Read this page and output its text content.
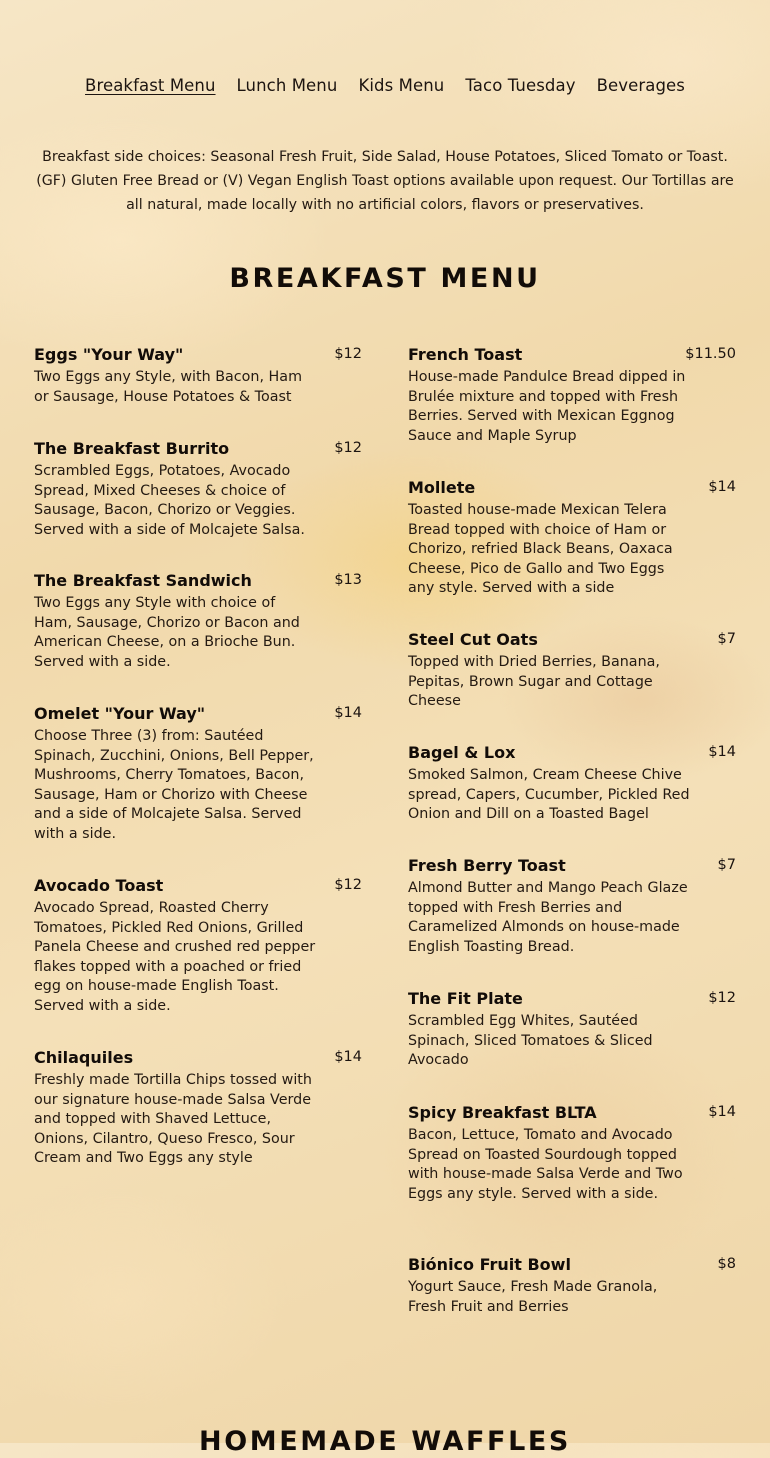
Breakfast Menu Lunch Menu Kids Menu Taco Tuesday Beverages

Breakfast side choices: Seasonal Fresh Fruit, Side Salad, House Potatoes, Sliced Tomato or Toast. (GF) Gluten Free Bread or (V) Vegan English Toast options available upon request. Our Tortillas are all natural, made locally with no artificial colors, flavors or preservatives.

BREAKFAST MENU
Eggs "Your Way"	$12

Two Eggs any Style, with Bacon, Ham or Sausage, House Potatoes & Toast

The Breakfast Burrito	$12

Scrambled Eggs, Potatoes, Avocado Spread, Mixed Cheeses & choice of Sausage, Bacon, Chorizo or Veggies. Served with a side of Molcajete Salsa.

The Breakfast Sandwich	$13

Two Eggs any Style with choice of Ham, Sausage, Chorizo or Bacon and American Cheese, on a Brioche Bun. Served with a side.

Omelet "Your Way"	$14

Choose Three (3) from: Sautéed Spinach, Zucchini, Onions, Bell Pepper, Mushrooms, Cherry Tomatoes, Bacon, Sausage, Ham or Chorizo with Cheese and a side of Molcajete Salsa. Served with a side.

Avocado Toast	$12

Avocado Spread, Roasted Cherry Tomatoes, Pickled Red Onions, Grilled Panela Cheese and crushed red pepper flakes topped with a poached or fried egg on house-made English Toast. Served with a side.

Chilaquiles	$14

Freshly made Tortilla Chips tossed with our signature house-made Salsa Verde and topped with Shaved Lettuce, Onions, Cilantro, Queso Fresco, Sour Cream and Two Eggs any style

French Toast	$11.50

House-made Pandulce Bread dipped in Brulée mixture and topped with Fresh Berries. Served with Mexican Eggnog Sauce and Maple Syrup

Mollete	$14

Toasted house-made Mexican Telera Bread topped with choice of Ham or Chorizo, refried Black Beans, Oaxaca Cheese, Pico de Gallo and Two Eggs any style. Served with a side

Steel Cut Oats	$7

Topped with Dried Berries, Banana, Pepitas, Brown Sugar and Cottage Cheese

Bagel & Lox	$14

Smoked Salmon, Cream Cheese Chive spread, Capers, Cucumber, Pickled Red Onion and Dill on a Toasted Bagel

Fresh Berry Toast	$7

Almond Butter and Mango Peach Glaze topped with Fresh Berries and Caramelized Almonds on house-made English Toasting Bread.

The Fit Plate	$12

Scrambled Egg Whites, Sautéed Spinach, Sliced Tomatoes & Sliced Avocado

Spicy Breakfast BLTA	$14

Bacon, Lettuce, Tomato and Avocado Spread on Toasted Sourdough topped with house-made Salsa Verde and Two Eggs any style. Served with a side.

Biónico Fruit Bowl	$8

Yogurt Sauce, Fresh Made Granola, Fresh Fruit and Berries

HOMEMADE WAFFLES
